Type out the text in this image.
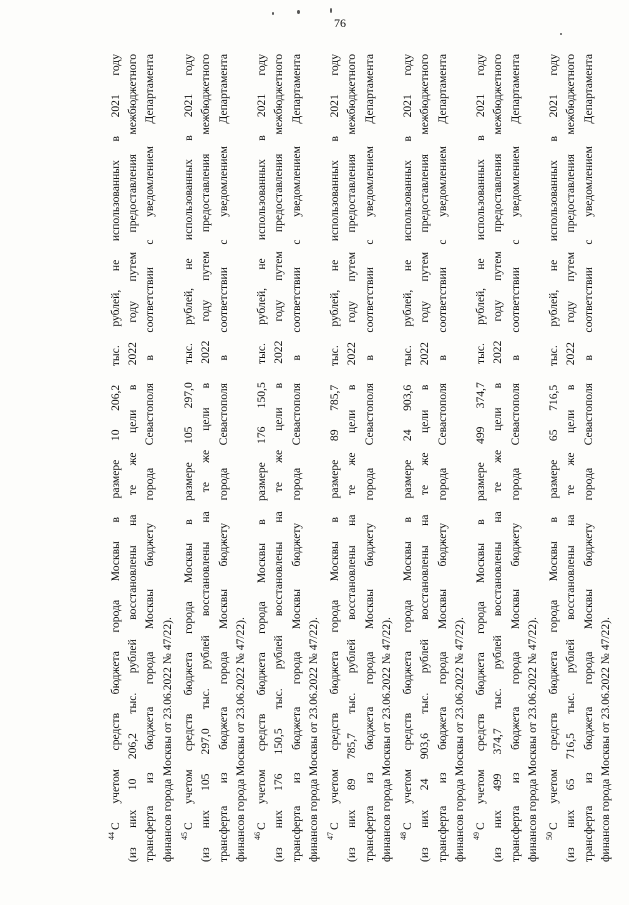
76
$^{44}$С учетом средств бюджета города Москвы в размере 10 206,2 тыс. рублей, не использованных в 2021 году (из них 10 206,2 тыс. рублей восстановлены на те же цели в 2022 году путем предоставления межбюджетного трансферта из бюджета города Москвы бюджету города Севастополя в соответствии с уведомлением Департамента финансов города Москвы от 23.06.2022 № 47/22). $^{45}$С учетом средств бюджета города Москвы в размере 105 297,0 тыс. рублей, не использованных в 2021 году (из них 105 297,0 тыс. рублей восстановлены на те же цели в 2022 году путем предоставления межбюджетного трансферта из бюджета города Москвы бюджету города Севастополя в соответствии с уведомлением Департамента финансов города Москвы от 23.06.2022 № 47/22). $^{46}$С учетом средств бюджета города Москвы в размере 176 150,5 тыс. рублей, не использованных в 2021 году (из них 176 150,5 тыс. рублей восстановлены на те же цели в 2022 году путем предоставления межбюджетного трансферта из бюджета города Москвы бюджету города Севастополя в соответствии с уведомлением Департамента финансов города Москвы от 23.06.2022 № 47/22). $^{47}$С учетом средств бюджета города Москвы в размере 89 785,7 тыс. рублей, не использованных в 2021 году (из них 89 785,7 тыс. рублей восстановлены на те же цели в 2022 году путем предоставления межбюджетного трансферта из бюджета города Москвы бюджету города Севастополя в соответствии с уведомлением Департамента финансов города Москвы от 23.06.2022 № 47/22). $^{48}$С учетом средств бюджета города Москвы в размере 24 903,6 тыс. рублей, не использованных в 2021 году (из них 24 903,6 тыс. рублей восстановлены на те же цели в 2022 году путем предоставления межбюджетного трансферта из бюджета города Москвы бюджету города Севастополя в соответствии с уведомлением Департамента финансов города Москвы от 23.06.2022 № 47/22). $^{49}$С учетом средств бюджета города Москвы в размере 499 374,7 тыс. рублей, не использованных в 2021 году (из них 499 374,7 тыс. рублей восстановлены на те же цели в 2022 году путем предоставления межбюджетного трансферта из бюджета города Москвы бюджету города Севастополя в соответствии с уведомлением Департамента финансов города Москвы от 23.06.2022 № 47/22). $^{50}$С учетом средств бюджета города Москвы в размере 65 716,5 тыс. рублей, не использованных в 2021 году (из них 65 716,5 тыс. рублей восстановлены на те же цели в 2022 году путем предоставления межбюджетного трансферта из бюджета города Москвы бюджету города Севастополя в соответствии с уведомлением Департамента финансов города Москвы от 23.06.2022 № 47/22).
